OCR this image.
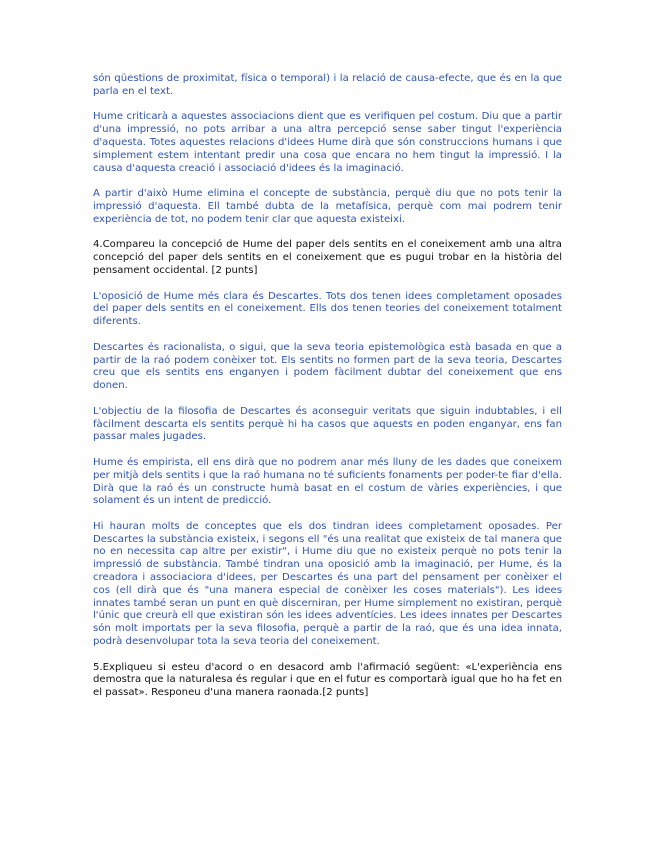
són qüestions de proximitat, física o temporal) i la relació de causa-efecte, que és en la que parla en el text.

Hume criticarà a aquestes associacions dient que es verifiquen pel costum. Diu que a partir d'una impressió, no pots arribar a una altra percepció sense saber tingut l'experiència d'aquesta. Totes aquestes relacions d'idees Hume dirà que són construccions humans i que simplement estem intentant predir una cosa que encara no hem tingut la impressió. I la causa d'aquesta creació i associació d'idees és la imaginació.

A partir d'això Hume elimina el concepte de substància, perquè diu que no pots tenir la impressió d'aquesta. Ell també dubta de la metafísica, perquè com mai podrem tenir experiència de tot, no podem tenir clar que aquesta existeixi.

4.Compareu la concepció de Hume del paper dels sentits en el coneixement amb una altra concepció del paper dels sentits en el coneixement que es pugui trobar en la història del pensament occidental. [2 punts]

L'oposició de Hume més clara és Descartes. Tots dos tenen idees completament oposades del paper dels sentits en el coneixement. Ells dos tenen teories del coneixement totalment diferents.

Descartes és racionalista, o sigui, que la seva teoria epistemològica està basada en que a partir de la raó podem conèixer tot. Els sentits no formen part de la seva teoria, Descartes creu que els sentits ens enganyen i podem fàcilment dubtar del coneixement que ens donen.

L'objectiu de la filosofia de Descartes és aconseguir veritats que siguin indubtables, i ell fàcilment descarta els sentits perquè hi ha casos que aquests en poden enganyar, ens fan passar males jugades.

Hume és empirista, ell ens dirà que no podrem anar més lluny de les dades que coneixem per mitjà dels sentits i que la raó humana no té suficients fonaments per poder-te fiar d'ella. Dirà que la raó és un constructe humà basat en el costum de vàries experiències, i que solament és un intent de predicció.

Hi hauran molts de conceptes que els dos tindran idees completament oposades. Per Descartes la substància existeix, i segons ell "és una realitat que existeix de tal manera que no en necessita cap altre per existir", i Hume diu que no existeix perquè no pots tenir la impressió de substància. També tindran una oposició amb la imaginació, per Hume, és la creadora i associaciora d'idees, per Descartes és una part del pensament per conèixer el cos (ell dirà que és "una manera especial de conèixer les coses materials"). Les idees innates també seran un punt en què discerniran, per Hume simplement no existiran, perquè l'únic que creurà ell que existiran són les idees adventícies. Les idees innates per Descartes són molt importats per la seva filosofia, perquè a partir de la raó, que és una idea innata, podrà desenvolupar tota la seva teoria del coneixement.

5.Expliqueu si esteu d'acord o en desacord amb l'afirmació següent: «L'experiència ens demostra que la naturalesa és regular i que en el futur es comportarà igual que ho ha fet en el passat». Responeu d'una manera raonada.[2 punts]
